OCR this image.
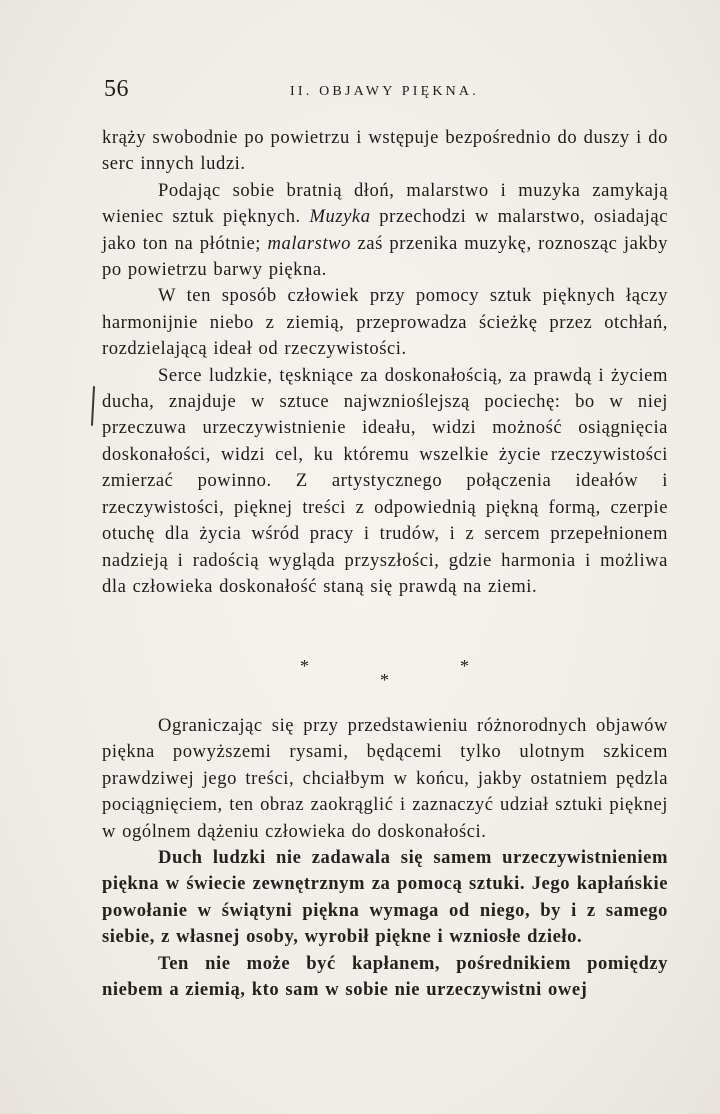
56	II. OBJAWY PIĘKNA.

krąży swobodnie po powietrzu i wstępuje bezpośrednio do duszy i do serc innych ludzi.

Podając sobie bratnią dłoń, malarstwo i muzyka zamykają wieniec sztuk pięknych. Muzyka przechodzi w malarstwo, osiadając jako ton na płótnie; malarstwo zaś przenika muzykę, roznosząc jakby po powietrzu barwy piękna.

W ten sposób człowiek przy pomocy sztuk pięknych łączy harmonijnie niebo z ziemią, przeprowadza ścieżkę przez otchłań, rozdzielającą ideał od rzeczywistości.

Serce ludzkie, tęskniące za doskonałością, za prawdą i życiem ducha, znajduje w sztuce najwznioślejszą pociechę: bo w niej przeczuwa urzeczywistnienie ideału, widzi możność osiągnięcia doskonałości, widzi cel, ku któremu wszelkie życie rzeczywistości zmierzać powinno. Z artystycznego połączenia ideałów i rzeczywistości, pięknej treści z odpowiednią piękną formą, czerpie otuchę dla życia wśród pracy i trudów, i z sercem przepełnionem nadzieją i radością wygląda przyszłości, gdzie harmonia i możliwa dla człowieka doskonałość staną się prawdą na ziemi.

*	*
*

Ograniczając się przy przedstawieniu różnorodnych objawów piękna powyższemi rysami, będącemi tylko ulotnym szkicem prawdziwej jego treści, chciałbym w końcu, jakby ostatniem pędzla pociągnięciem, ten obraz zaokrąglić i zaznaczyć udział sztuki pięknej w ogólnem dążeniu człowieka do doskonałości.

Duch ludzki nie zadawala się samem urzeczywistnieniem piękna w świecie zewnętrznym za pomocą sztuki. Jego kapłańskie powołanie w świątyni piękna wymaga od niego, by i z samego siebie, z własnej osoby, wyrobił piękne i wzniosłe dzieło.

Ten nie może być kapłanem, pośrednikiem pomiędzy niebem a ziemią, kto sam w sobie nie urzeczywistni owej
